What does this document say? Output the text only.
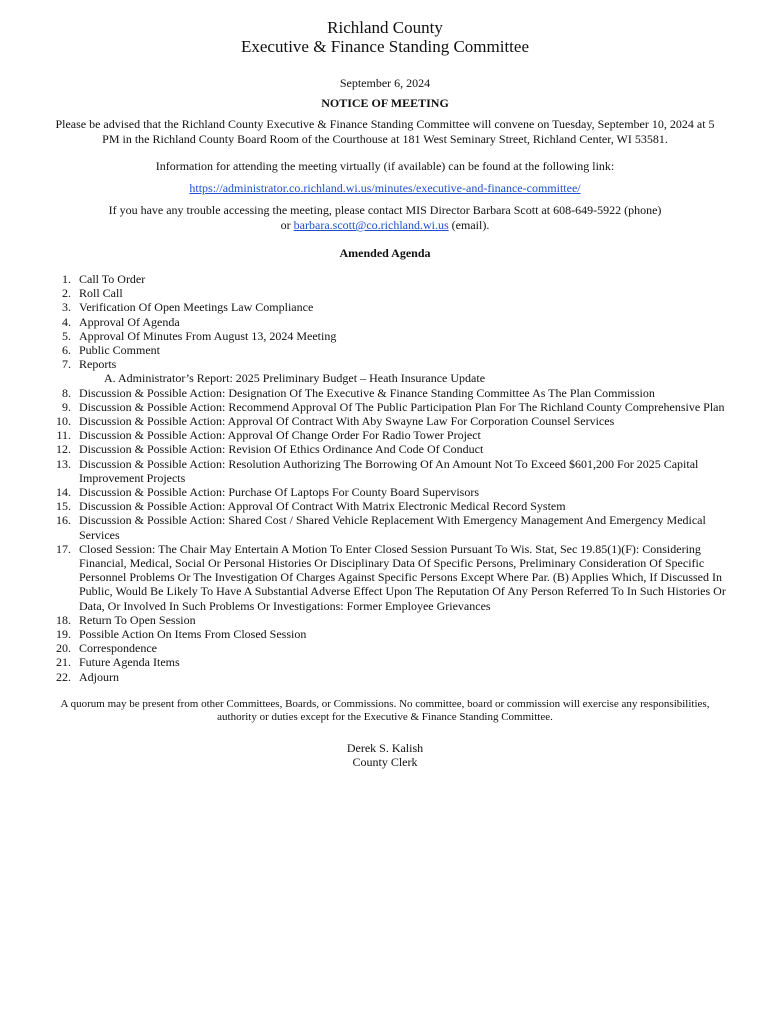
Richland County
Executive & Finance Standing Committee
September 6, 2024
NOTICE OF MEETING
Please be advised that the Richland County Executive & Finance Standing Committee will convene on Tuesday, September 10, 2024 at 5 PM in the Richland County Board Room of the Courthouse at 181 West Seminary Street, Richland Center, WI 53581.
Information for attending the meeting virtually (if available) can be found at the following link:
https://administrator.co.richland.wi.us/minutes/executive-and-finance-committee/
If you have any trouble accessing the meeting, please contact MIS Director Barbara Scott at 608-649-5922 (phone) or barbara.scott@co.richland.wi.us (email).
Amended Agenda
1. Call To Order
2. Roll Call
3. Verification Of Open Meetings Law Compliance
4. Approval Of Agenda
5. Approval Of Minutes From August 13, 2024 Meeting
6. Public Comment
7. Reports
A. Administrator’s Report: 2025 Preliminary Budget – Heath Insurance Update
8. Discussion & Possible Action: Designation Of The Executive & Finance Standing Committee As The Plan Commission
9. Discussion & Possible Action: Recommend Approval Of The Public Participation Plan For The Richland County Comprehensive Plan
10. Discussion & Possible Action: Approval Of Contract With Aby Swayne Law For Corporation Counsel Services
11. Discussion & Possible Action: Approval Of Change Order For Radio Tower Project
12. Discussion & Possible Action: Revision Of Ethics Ordinance And Code Of Conduct
13. Discussion & Possible Action: Resolution Authorizing The Borrowing Of An Amount Not To Exceed $601,200 For 2025 Capital Improvement Projects
14. Discussion & Possible Action: Purchase Of Laptops For County Board Supervisors
15. Discussion & Possible Action: Approval Of Contract With Matrix Electronic Medical Record System
16. Discussion & Possible Action: Shared Cost / Shared Vehicle Replacement With Emergency Management And Emergency Medical Services
17. Closed Session: The Chair May Entertain A Motion To Enter Closed Session Pursuant To Wis. Stat, Sec 19.85(1)(F): Considering Financial, Medical, Social Or Personal Histories Or Disciplinary Data Of Specific Persons, Preliminary Consideration Of Specific Personnel Problems Or The Investigation Of Charges Against Specific Persons Except Where Par. (B) Applies Which, If Discussed In Public, Would Be Likely To Have A Substantial Adverse Effect Upon The Reputation Of Any Person Referred To In Such Histories Or Data, Or Involved In Such Problems Or Investigations: Former Employee Grievances
18. Return To Open Session
19. Possible Action On Items From Closed Session
20. Correspondence
21. Future Agenda Items
22. Adjourn
A quorum may be present from other Committees, Boards, or Commissions. No committee, board or commission will exercise any responsibilities, authority or duties except for the Executive & Finance Standing Committee.
Derek S. Kalish
County Clerk
